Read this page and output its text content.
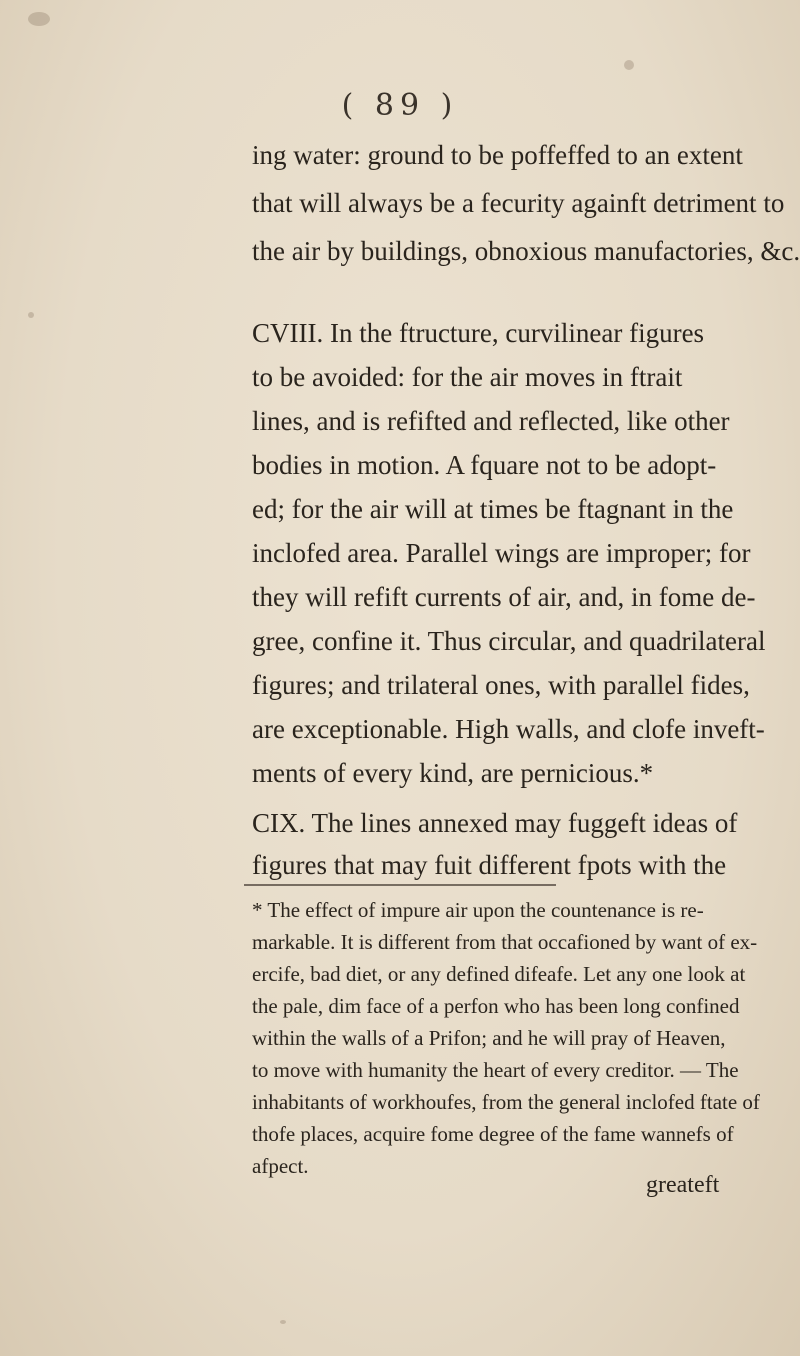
( 89 )
ing water: ground to be poffeffed to an extent
that will always be a fecurity againft detriment to
the air by buildings, obnoxious manufactories, &c.
CVIII. In the ftructure, curvilinear figures
to be avoided: for the air moves in ftrait
lines, and is refifted and reflected, like other
bodies in motion. A fquare not to be adopt-
ed; for the air will at times be ftagnant in the
inclofed area. Parallel wings are improper; for
they will refift currents of air, and, in fome de-
gree, confine it. Thus circular, and quadrilateral
figures; and trilateral ones, with parallel fides,
are exceptionable. High walls, and clofe inveft-
ments of every kind, are pernicious.*
CIX. The lines annexed may fuggeft ideas of
figures that may fuit different fpots with the
* The effect of impure air upon the countenance is re-
markable. It is different from that occafioned by want of ex-
ercife, bad diet, or any defined difeafe. Let any one look at
the pale, dim face of a perfon who has been long confined
within the walls of a Prifon; and he will pray of Heaven,
to move with humanity the heart of every creditor. — The
inhabitants of workhoufes, from the general inclofed ftate of
thofe places, acquire fome degree of the fame wannefs of
afpect.
greateft
